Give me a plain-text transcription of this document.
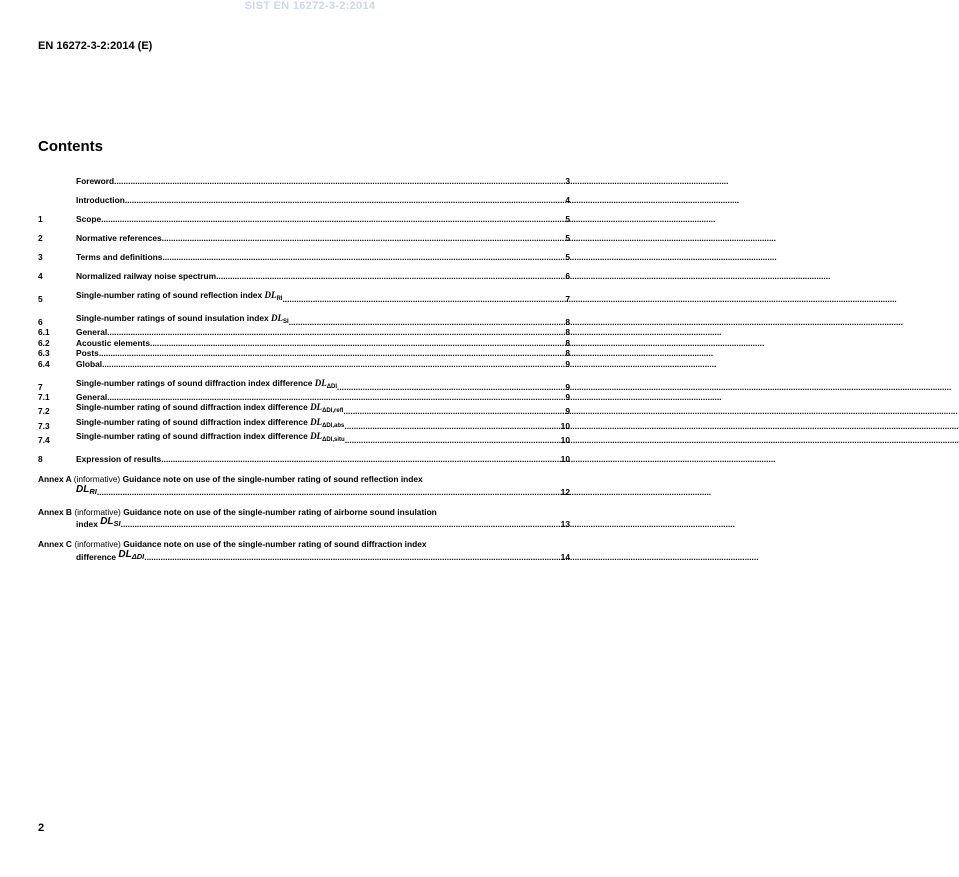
SIST EN 16272-3-2:2014
EN 16272-3-2:2014 (E)
Contents
Foreword .....	3
Introduction .....	4
1	Scope .....	5
2	Normative references .....	5
3	Terms and definitions .....	5
4	Normalized railway noise spectrum .....	6
5	Single-number rating of sound reflection index $DL_{RI}$ .....	7
6	Single-number ratings of sound insulation index $DL_{SI}$ .....	8
6.1	General .....	8
6.2	Acoustic elements .....	8
6.3	Posts .....	8
6.4	Global .....	9
7	Single-number ratings of sound diffraction index difference $DL_{\Delta DI}$ .....	9
7.1	General .....	9
7.2	Single-number rating of sound diffraction index difference $DL_{\Delta DI,refl}$ .....	9
7.3	Single-number rating of sound diffraction index difference $DL_{\Delta DI,abs}$ .....	10
7.4	Single-number rating of sound diffraction index difference $DL_{\Delta DI,situ}$ .....	10
8	Expression of results .....	10
Annex A (informative) Guidance note on use of the single-number rating of sound reflection index
$DL_{RI}$ .....	12
Annex B (informative) Guidance note on use of the single-number rating of airborne sound insulation
index $DL_{SI}$ .....	13
Annex C (informative) Guidance note on use of the single-number rating of sound diffraction index
difference $DL_{\Delta DI}$ .....	14
2
